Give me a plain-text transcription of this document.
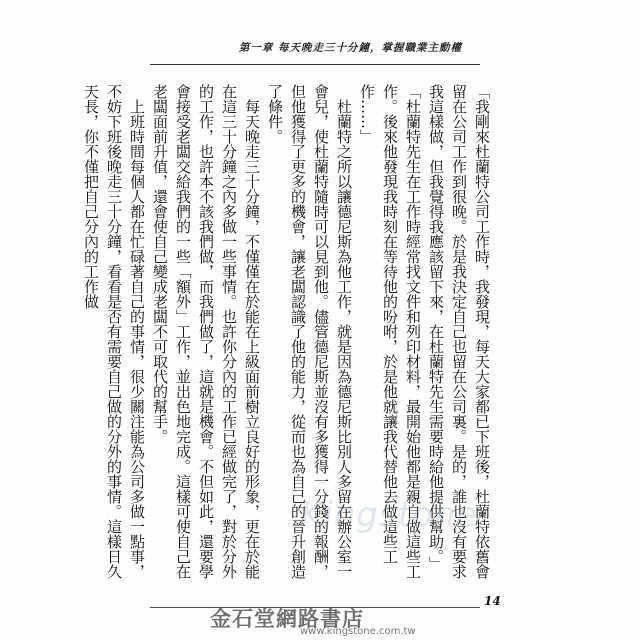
第一章 每天晚走三十分鐘，掌握職業主動權

「我剛來杜蘭特公司工作時，我發現，每天大家都已下班後，杜蘭特依舊會留在公司工作到很晚。於是我決定自己也留在公司裏。是的，誰也沒有要求我這樣做，但我覺得我應該留下來，在杜蘭特先生需要時給他提供幫助。」

「杜蘭特先生在工作時經常找文件和列印材料，最開始他都是親自做這些工作。後來他發現我時刻在等待他的吩咐，於是他就讓我代替他去做這些工作……」

杜蘭特之所以讓德尼斯為他工作，就是因為德尼斯比別人多留在辦公室一會兒，使杜蘭特隨時可以見到他。儘管德尼斯並沒有多獲得一分錢的報酬，但他獲得了更多的機會，讓老闆認識了他的能力，從而也為自己的晉升創造了條件。

每天晚走三十分鐘，不僅僅在於能在上級面前樹立良好的形象，更在於能在這三十分鐘之內多做一些事情。也許你分內的工作已經做完了，對於分外的工作，也許本不該我們做，而我們做了，這就是機會。不但如此，還要學會接受老闆交給我們的一些「額外」工作，並出色地完成。這樣可使自己在老闆面前升值，還會使自己變成老闆不可取代的幫手。

上班時間每個人都在忙碌著自己的事情，很少關注能為公司多做一點事，不妨下班後晚走三十分鐘，看看是否有需要自己做的分外的事情。這樣日久天長，你不僅把自己分內的工作做

Kingstone
14
金石堂網路書店
www.kingstone.com.tw
